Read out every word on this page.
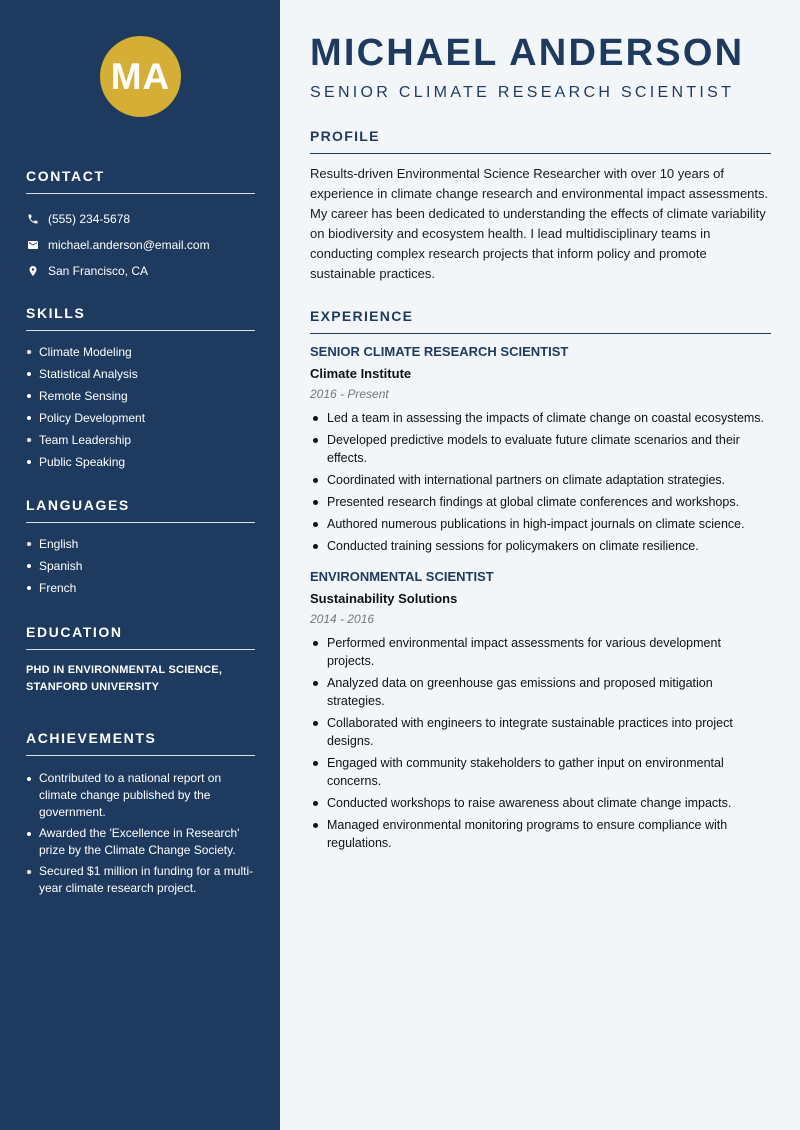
MA
CONTACT
(555) 234-5678
michael.anderson@email.com
San Francisco, CA
SKILLS
Climate Modeling
Statistical Analysis
Remote Sensing
Policy Development
Team Leadership
Public Speaking
LANGUAGES
English
Spanish
French
EDUCATION
PHD IN ENVIRONMENTAL SCIENCE, STANFORD UNIVERSITY
ACHIEVEMENTS
Contributed to a national report on climate change published by the government.
Awarded the 'Excellence in Research' prize by the Climate Change Society.
Secured $1 million in funding for a multi-year climate research project.
MICHAEL ANDERSON
SENIOR CLIMATE RESEARCH SCIENTIST
PROFILE

Results-driven Environmental Science Researcher with over 10 years of experience in climate change research and environmental impact assessments. My career has been dedicated to understanding the effects of climate variability on biodiversity and ecosystem health. I lead multidisciplinary teams in conducting complex research projects that inform policy and promote sustainable practices.

EXPERIENCE
SENIOR CLIMATE RESEARCH SCIENTIST
Climate Institute
2016 - Present
Led a team in assessing the impacts of climate change on coastal ecosystems.
Developed predictive models to evaluate future climate scenarios and their effects.
Coordinated with international partners on climate adaptation strategies.
Presented research findings at global climate conferences and workshops.
Authored numerous publications in high-impact journals on climate science.
Conducted training sessions for policymakers on climate resilience.
ENVIRONMENTAL SCIENTIST
Sustainability Solutions
2014 - 2016
Performed environmental impact assessments for various development projects.
Analyzed data on greenhouse gas emissions and proposed mitigation strategies.
Collaborated with engineers to integrate sustainable practices into project designs.
Engaged with community stakeholders to gather input on environmental concerns.
Conducted workshops to raise awareness about climate change impacts.
Managed environmental monitoring programs to ensure compliance with regulations.
